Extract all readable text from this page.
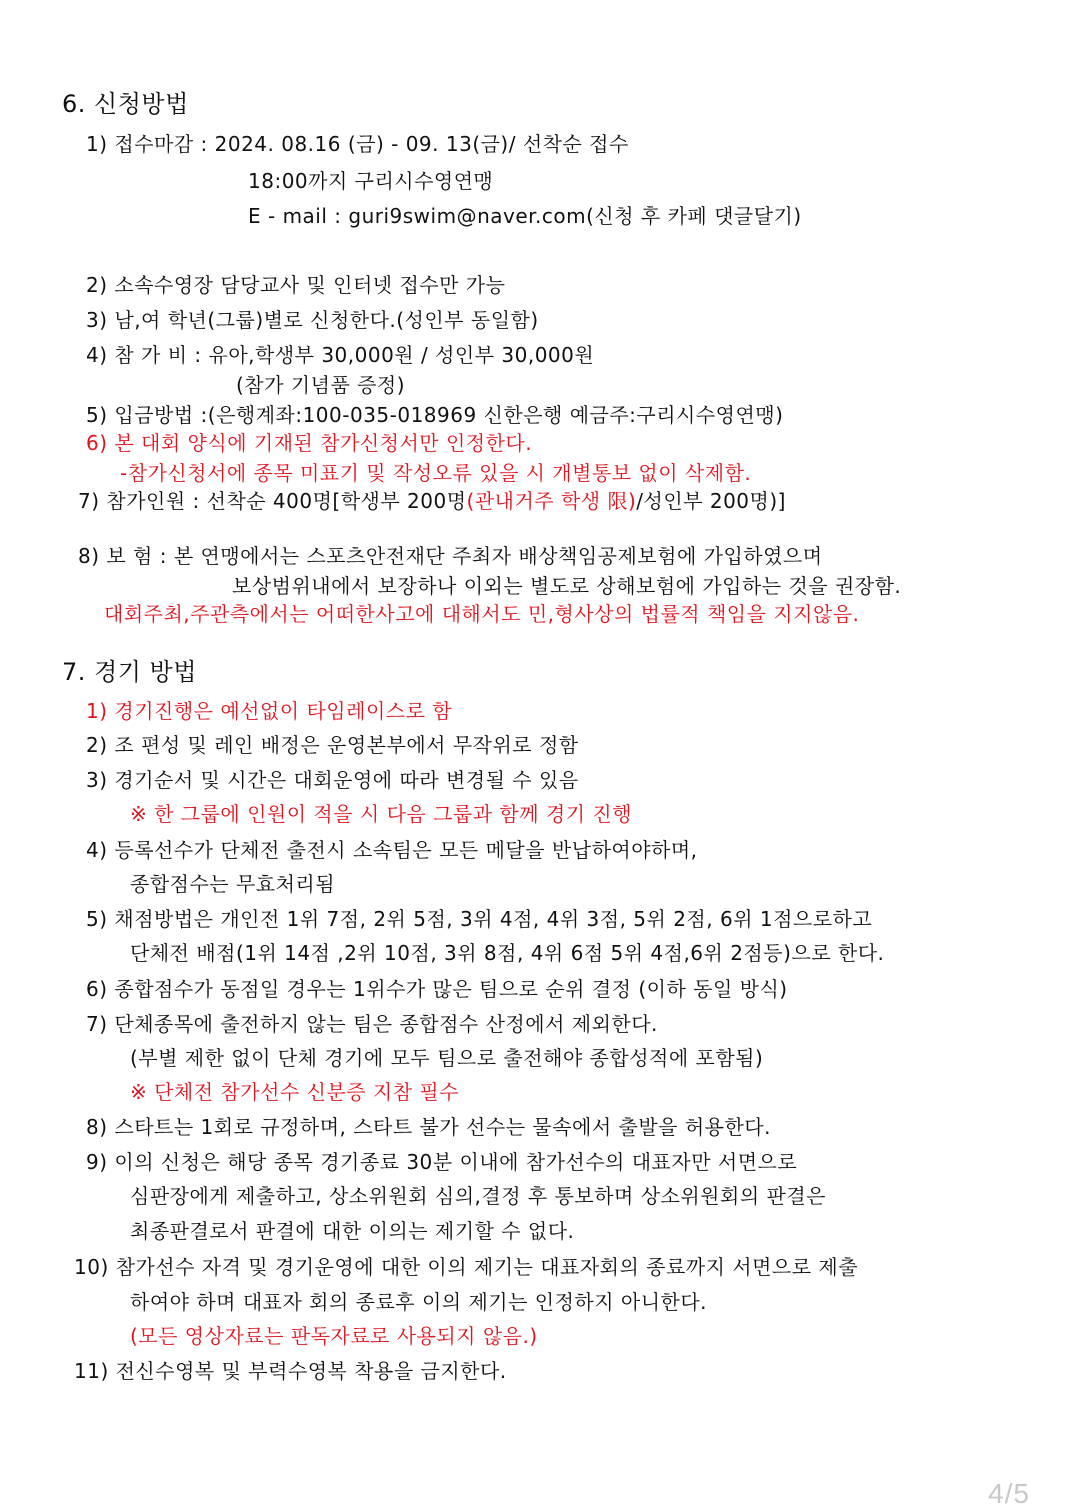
6. 신청방법
1) 접수마감 : 2024. 08.16 (금) - 09. 13(금)/ 선착순 접수
18:00까지 구리시수영연맹
E - mail : guri9swim@naver.com(신청 후 카페 댓글달기)
2) 소속수영장 담당교사 및 인터넷 접수만 가능
3) 남,여 학년(그룹)별로 신청한다.(성인부 동일함)
4) 참 가 비 : 유아,학생부 30,000원 / 성인부 30,000원
(참가 기념품 증정)
5) 입금방법 :(은행계좌:100-035-018969 신한은행 예금주:구리시수영연맹)
6) 본 대회 양식에 기재된 참가신청서만 인정한다.
-참가신청서에 종목 미표기 및 작성오류 있을 시 개별통보 없이 삭제함.
7) 참가인원 : 선착순 400명[학생부 200명(관내거주 학생 限)/성인부 200명)]
8) 보 험 : 본 연맹에서는 스포츠안전재단 주최자 배상책임공제보험에 가입하였으며
보상범위내에서 보장하나 이외는 별도로 상해보험에 가입하는 것을 권장함.
대회주최,주관측에서는 어떠한사고에 대해서도 민,형사상의 법률적 책임을 지지않음.
7. 경기 방법
1) 경기진행은 예선없이 타임레이스로 함
2) 조 편성 및 레인 배정은 운영본부에서 무작위로 정함
3) 경기순서 및 시간은 대회운영에 따라 변경될 수 있음
※ 한 그룹에 인원이 적을 시 다음 그룹과 함께 경기 진행
4) 등록선수가 단체전 출전시 소속팀은 모든 메달을 반납하여야하며,
종합점수는 무효처리됨
5) 채점방법은 개인전 1위 7점, 2위 5점, 3위 4점, 4위 3점, 5위 2점, 6위 1점으로하고
단체전 배점(1위 14점 ,2위 10점, 3위 8점, 4위 6점 5위 4점,6위 2점등)으로 한다.
6) 종합점수가 동점일 경우는 1위수가 많은 팀으로 순위 결정 (이하 동일 방식)
7) 단체종목에 출전하지 않는 팀은 종합점수 산정에서 제외한다.
(부별 제한 없이 단체 경기에 모두 팀으로 출전해야 종합성적에 포함됨)
※ 단체전 참가선수 신분증 지참 필수
8) 스타트는 1회로 규정하며, 스타트 불가 선수는 물속에서 출발을 허용한다.
9) 이의 신청은 해당 종목 경기종료 30분 이내에 참가선수의 대표자만 서면으로
심판장에게 제출하고, 상소위원회 심의,결정 후 통보하며 상소위원회의 판결은
최종판결로서 판결에 대한 이의는 제기할 수 없다.
10) 참가선수 자격 및 경기운영에 대한 이의 제기는 대표자회의 종료까지 서면으로 제출
하여야 하며 대표자 회의 종료후 이의 제기는 인정하지 아니한다.
(모든 영상자료는 판독자료로 사용되지 않음.)
11) 전신수영복 및 부력수영복 착용을 금지한다.
4/5
